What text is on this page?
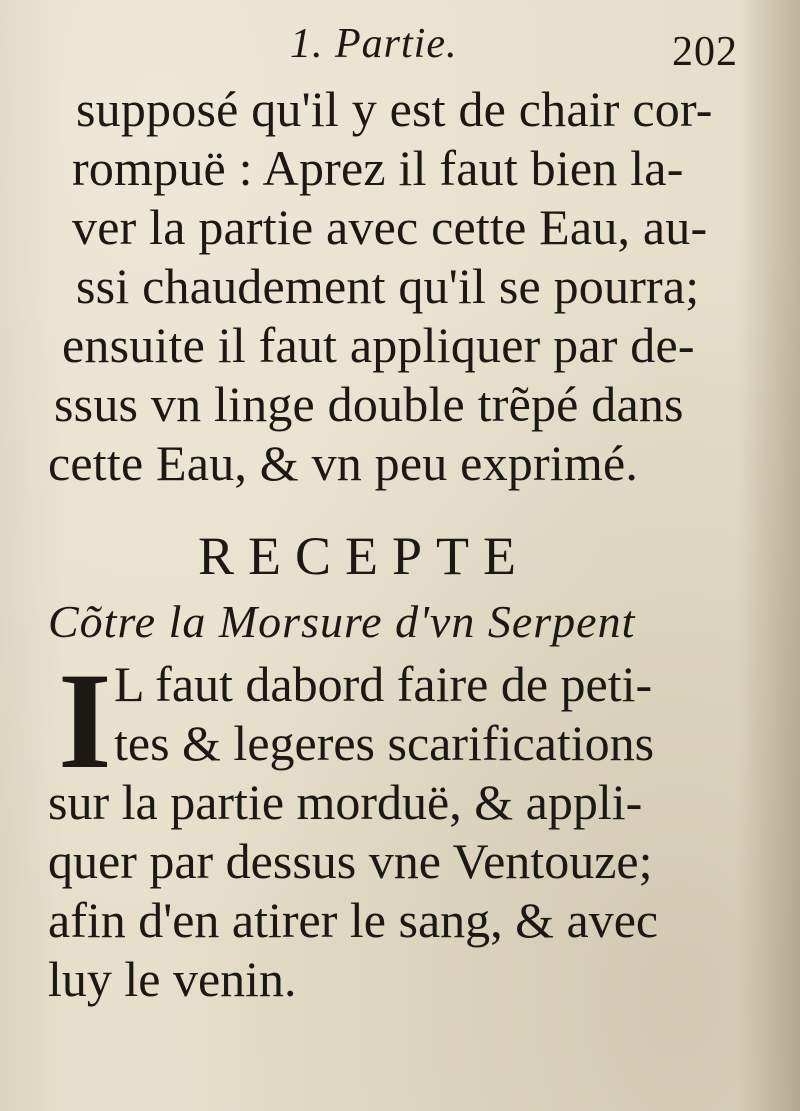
1. Partie.	202
supposé qu'il y est de chair cor-
rompuë : Aprez il faut bien la-
ver la partie avec cette Eau, au-
ssi chaudement qu'il se pourra;
ensuite il faut appliquer par de-
ssus vn linge double trẽpé dans
cette Eau, & vn peu exprimé.
RECEPTE
Cõtre la Morsure d'vn Serpent
I L faut dabord faire de peti-
tes & legeres scarifications
sur la partie morduë, & appli-
quer par dessus vne Ventouze;
afin d'en atirer le sang, & avec
luy le venin.
